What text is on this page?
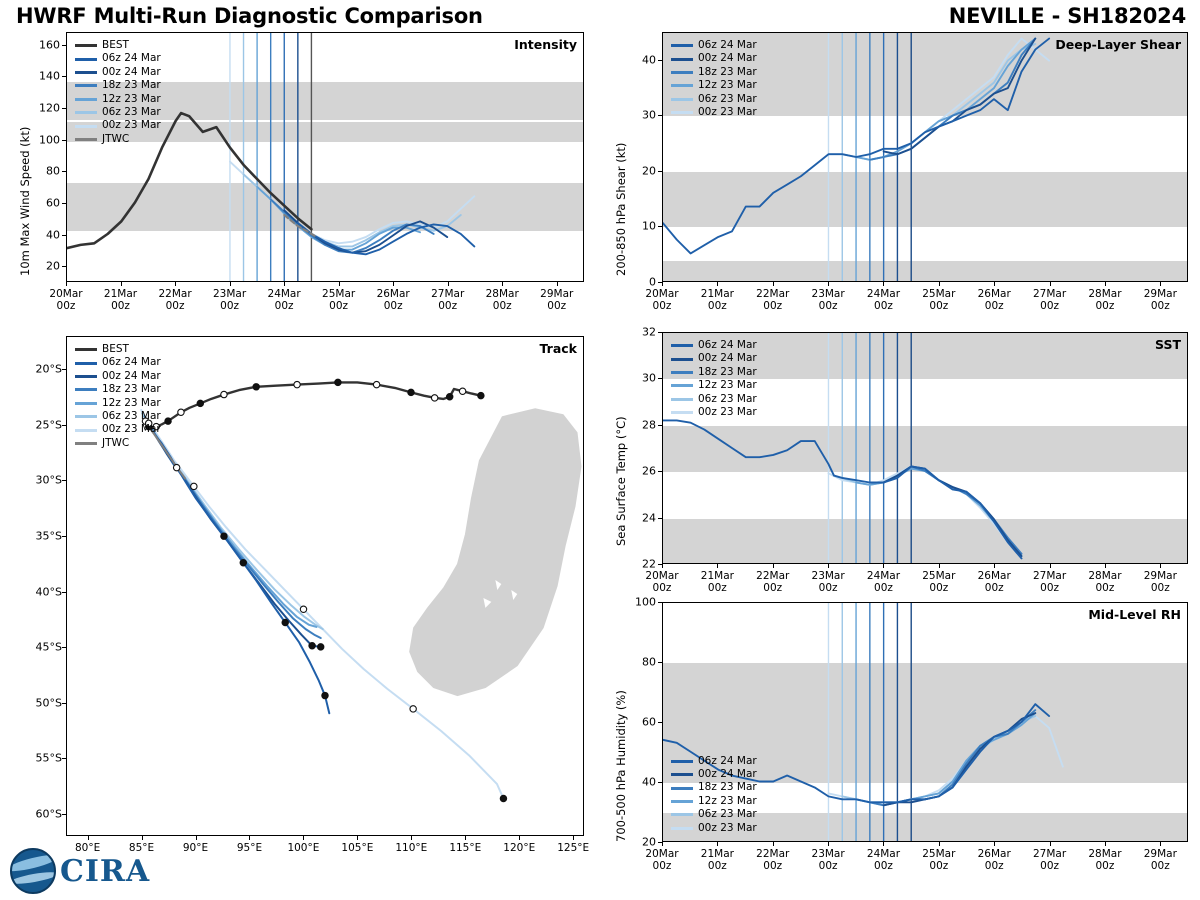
HWRF Multi-Run Diagnostic Comparison	NEVILLE - SH182024
10m Max Wind Speed (kt)
Intensity
BEST
06z 24 Mar
00z 24 Mar
18z 23 Mar
12z 23 Mar
06z 23 Mar
00z 23 Mar
JTWC
20
40
60
80
100
120
140
160
20Mar
00z
21Mar
00z
22Mar
00z
23Mar
00z
24Mar
00z
25Mar
00z
26Mar
00z
27Mar
00z
28Mar
00z
29Mar
00z
200-850 hPa Shear (kt)
Deep-Layer Shear
06z 24 Mar
00z 24 Mar
18z 23 Mar
12z 23 Mar
06z 23 Mar
00z 23 Mar
0
10
20
30
40
20Mar
00z
21Mar
00z
22Mar
00z
23Mar
00z
24Mar
00z
25Mar
00z
26Mar
00z
27Mar
00z
28Mar
00z
29Mar
00z
Track
BEST
06z 24 Mar
00z 24 Mar
18z 23 Mar
12z 23 Mar
06z 23 Mar
00z 23 Mar
JTWC
20°S
25°S
30°S
35°S
40°S
45°S
50°S
55°S
60°S
80°E	85°E	90°E	95°E 100°E 105°E 110°E 115°E 120°E 125°E
Sea Surface Temp (°C)
SST
06z 24 Mar
00z 24 Mar
18z 23 Mar
12z 23 Mar
06z 23 Mar
00z 23 Mar
22
24
26
28
30
32
20Mar
00z
21Mar
00z
22Mar
00z
23Mar
00z
24Mar
00z
25Mar
00z
26Mar
00z
27Mar
00z
28Mar
00z
29Mar
00z
700-500 hPa Humidity (%)
Mid-Level RH
06z 24 Mar
00z 24 Mar
18z 23 Mar
12z 23 Mar
06z 23 Mar
00z 23 Mar
20
40
60
80
100
20Mar
00z
21Mar
00z
22Mar
00z
23Mar
00z
24Mar
00z
25Mar
00z
26Mar
00z
27Mar
00z
28Mar
00z
29Mar
00z
CIRA
